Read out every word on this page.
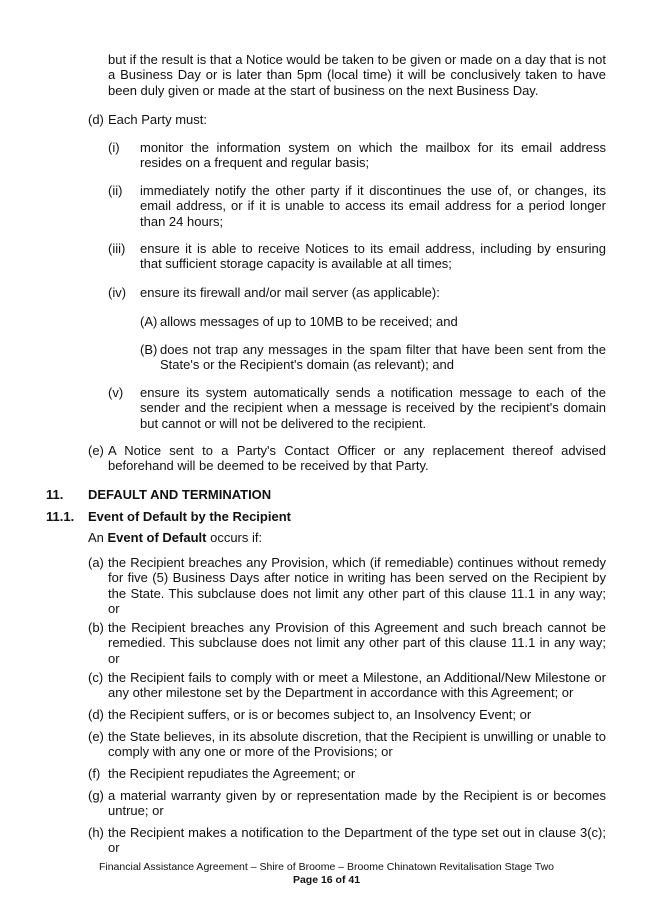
but if the result is that a Notice would be taken to be given or made on a day that is not a Business Day or is later than 5pm (local time) it will be conclusively taken to have been duly given or made at the start of business on the next Business Day.

(d) Each Party must:

(i) monitor the information system on which the mailbox for its email address resides on a frequent and regular basis;

(ii) immediately notify the other party if it discontinues the use of, or changes, its email address, or if it is unable to access its email address for a period longer than 24 hours;

(iii) ensure it is able to receive Notices to its email address, including by ensuring that sufficient storage capacity is available at all times;

(iv) ensure its firewall and/or mail server (as applicable):

(A) allows messages of up to 10MB to be received; and

(B) does not trap any messages in the spam filter that have been sent from the State's or the Recipient's domain (as relevant); and

(v) ensure its system automatically sends a notification message to each of the sender and the recipient when a message is received by the recipient's domain but cannot or will not be delivered to the recipient.

(e) A Notice sent to a Party's Contact Officer or any replacement thereof advised beforehand will be deemed to be received by that Party.

11. DEFAULT AND TERMINATION
11.1. Event of Default by the Recipient

An Event of Default occurs if:

(a) the Recipient breaches any Provision, which (if remediable) continues without remedy for five (5) Business Days after notice in writing has been served on the Recipient by the State. This subclause does not limit any other part of this clause 11.1 in any way; or

(b) the Recipient breaches any Provision of this Agreement and such breach cannot be remedied. This subclause does not limit any other part of this clause 11.1 in any way; or

(c) the Recipient fails to comply with or meet a Milestone, an Additional/New Milestone or any other milestone set by the Department in accordance with this Agreement; or

(d) the Recipient suffers, or is or becomes subject to, an Insolvency Event; or

(e) the State believes, in its absolute discretion, that the Recipient is unwilling or unable to comply with any one or more of the Provisions; or

(f) the Recipient repudiates the Agreement; or

(g) a material warranty given by or representation made by the Recipient is or becomes untrue; or

(h) the Recipient makes a notification to the Department of the type set out in clause 3(c); or

Financial Assistance Agreement – Shire of Broome – Broome Chinatown Revitalisation Stage Two
Page 16 of 41
